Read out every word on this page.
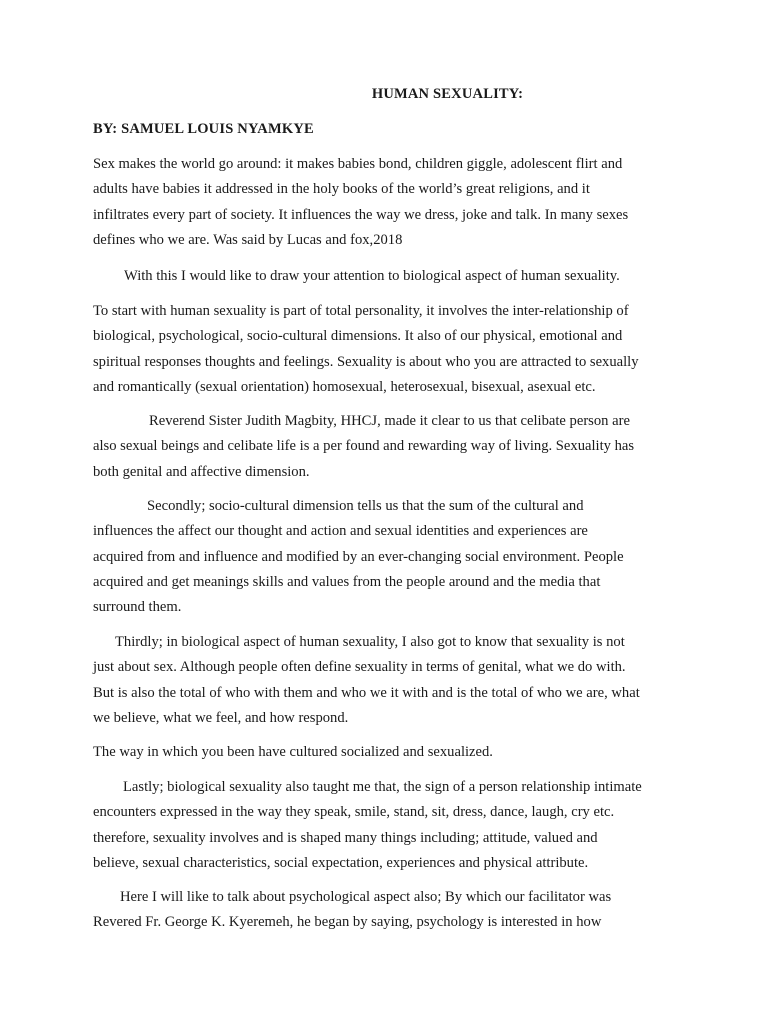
HUMAN SEXUALITY:
BY: SAMUEL LOUIS NYAMKYE
Sex makes the world go around: it makes babies bond, children giggle, adolescent flirt and
adults have babies it addressed in the holy books of the world’s great religions, and it
infiltrates every part of society. It influences the way we dress, joke and talk. In many sexes
defines who we are. Was said by Lucas and fox,2018
With this I would like to draw your attention to biological aspect of human sexuality.
To start with human sexuality is part of total personality, it involves the inter-relationship of
biological, psychological, socio-cultural dimensions. It also of our physical, emotional and
spiritual responses thoughts and feelings. Sexuality is about who you are attracted to sexually
and romantically (sexual orientation) homosexual, heterosexual, bisexual, asexual etc.
Reverend Sister Judith Magbity, HHCJ, made it clear to us that celibate person are
also sexual beings and celibate life is a per found and rewarding way of living. Sexuality has
both genital and affective dimension.
Secondly; socio-cultural dimension tells us that the sum of the cultural and
influences the affect our thought and action and sexual identities and experiences are
acquired from and influence and modified by an ever-changing social environment. People
acquired and get meanings skills and values from the people around and the media that
surround them.
Thirdly; in biological aspect of human sexuality, I also got to know that sexuality is not
just about sex. Although people often define sexuality in terms of genital, what we do with.
But is also the total of who with them and who we it with and is the total of who we are, what
we believe, what we feel, and how respond.
The way in which you been have cultured socialized and sexualized.
Lastly; biological sexuality also taught me that, the sign of a person relationship intimate
encounters expressed in the way they speak, smile, stand, sit, dress, dance, laugh, cry etc.
therefore, sexuality involves and is shaped many things including; attitude, valued and
believe, sexual characteristics, social expectation, experiences and physical attribute.
Here I will like to talk about psychological aspect also; By which our facilitator was
Revered Fr. George K. Kyeremeh, he began by saying, psychology is interested in how
